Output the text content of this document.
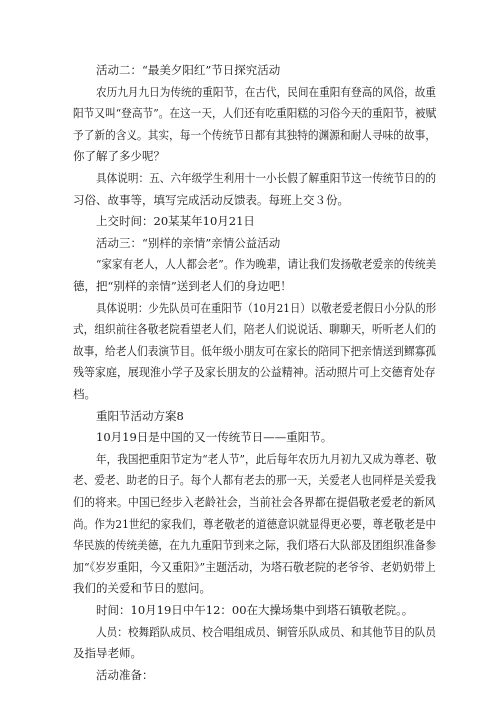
活动二：“最美夕阳红”节日探究活动
农历九月九日为传统的重阳节，在古代，民间在重阳有登高的风俗，故重
阳节又叫“登高节”。在这一天，人们还有吃重阳糕的习俗今天的重阳节，被赋
予了新的含义。其实，每一个传统节日都有其独特的渊源和耐人寻味的故事，
你了解了多少呢？
具体说明：五、六年级学生利用十一小长假了解重阳节这一传统节日的的
习俗、故事等，填写完成活动反馈表。每班上交３份。
上交时间：20某某年10月21日
活动三：“别样的亲情”亲情公益活动
“家家有老人，人人都会老”。作为晚辈，请让我们发扬敬老爱亲的传统美
德，把“别样的亲情”送到老人们的身边吧！
具体说明：少先队员可在重阳节（10月21日）以敬老爱老假日小分队的形
式，组织前往各敬老院看望老人们，陪老人们说说话、聊聊天，听听老人们的
故事，给老人们表演节目。低年级小朋友可在家长的陪同下把亲情送到鳏寡孤
残等家庭，展现淮小学子及家长朋友的公益精神。活动照片可上交德育处存
档。
重阳节活动方案8
10月19日是中国的又一传统节日——重阳节。
年，我国把重阳节定为“老人节”，此后每年农历九月初九又成为尊老、敬
老、爱老、助老的日子。每个人都有老去的那一天，关爱老人也同样是关爱我
们的将来。中国已经步入老龄社会，当前社会各界都在提倡敬老爱老的新风
尚。作为21世纪的家我们，尊老敬老的道德意识就显得更必要，尊老敬老是中
华民族的传统美德，在九九重阳节到来之际，我们塔石大队部及团组织准备参
加“《岁岁重阳，今又重阳》”主题活动，为塔石敬老院的老爷爷、老奶奶带上
我们的关爱和节日的慰问。
时间：10月19日中午12：00在大操场集中到塔石镇敬老院。。
人员：校舞蹈队成员、校合唱组成员、铜管乐队成员、和其他节目的队员
及指导老师。
活动准备：
